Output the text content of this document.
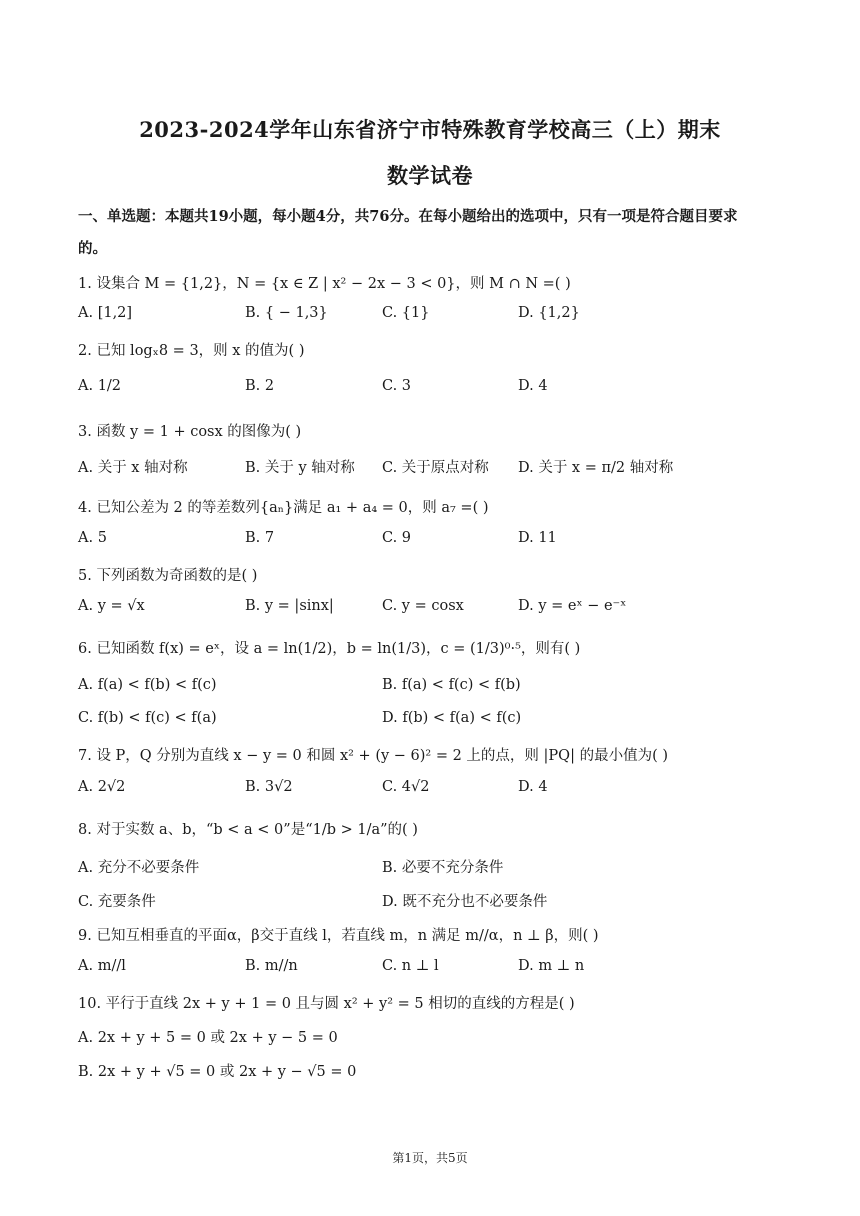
2023-2024学年山东省济宁市特殊教育学校高三（上）期末
数学试卷
一、单选题：本题共19小题，每小题4分，共76分。在每小题给出的选项中，只有一项是符合题目要求
的。
1. 设集合 M = {1,2}，N = {x ∈ Z | x² − 2x − 3 < 0}，则 M ∩ N =( )
A. [1,2]	B. { − 1,3}	C. {1}	D. {1,2}
2. 已知 logₓ8 = 3，则 x 的值为( )
A. 1/2	B. 2	C. 3	D. 4
3. 函数 y = 1 + cosx 的图像为( )
A. 关于 x 轴对称	B. 关于 y 轴对称 C. 关于原点对称 D. 关于 x = π/2 轴对称
4. 已知公差为 2 的等差数列{aₙ}满足 a₁ + a₄ = 0，则 a₇ =( )
A. 5	B. 7	C. 9	D. 11
5. 下列函数为奇函数的是( )
A. y = √x	B. y = |sinx|	C. y = cosx	D. y = eˣ − e⁻ˣ
6. 已知函数 f(x) = eˣ，设 a = ln(1/2)，b = ln(1/3)，c = (1/3)⁰·⁵，则有( )
A. f(a) < f(b) < f(c)	B. f(a) < f(c) < f(b)
C. f(b) < f(c) < f(a)	D. f(b) < f(a) < f(c)
7. 设 P，Q 分别为直线 x − y = 0 和圆 x² + (y − 6)² = 2 上的点，则 |PQ| 的最小值为( )
A. 2√2	B. 3√2	C. 4√2	D. 4
8. 对于实数 a、b，“b < a < 0”是“1/b > 1/a”的( )
A. 充分不必要条件	B. 必要不充分条件
C. 充要条件	D. 既不充分也不必要条件
9. 已知互相垂直的平面α，β交于直线 l，若直线 m，n 满足 m//α，n ⊥ β，则( )
A. m//l	B. m//n	C. n ⊥ l	D. m ⊥ n
10. 平行于直线 2x + y + 1 = 0 且与圆 x² + y² = 5 相切的直线的方程是( )
A. 2x + y + 5 = 0 或 2x + y − 5 = 0
B. 2x + y + √5 = 0 或 2x + y − √5 = 0
第1页，共5页
